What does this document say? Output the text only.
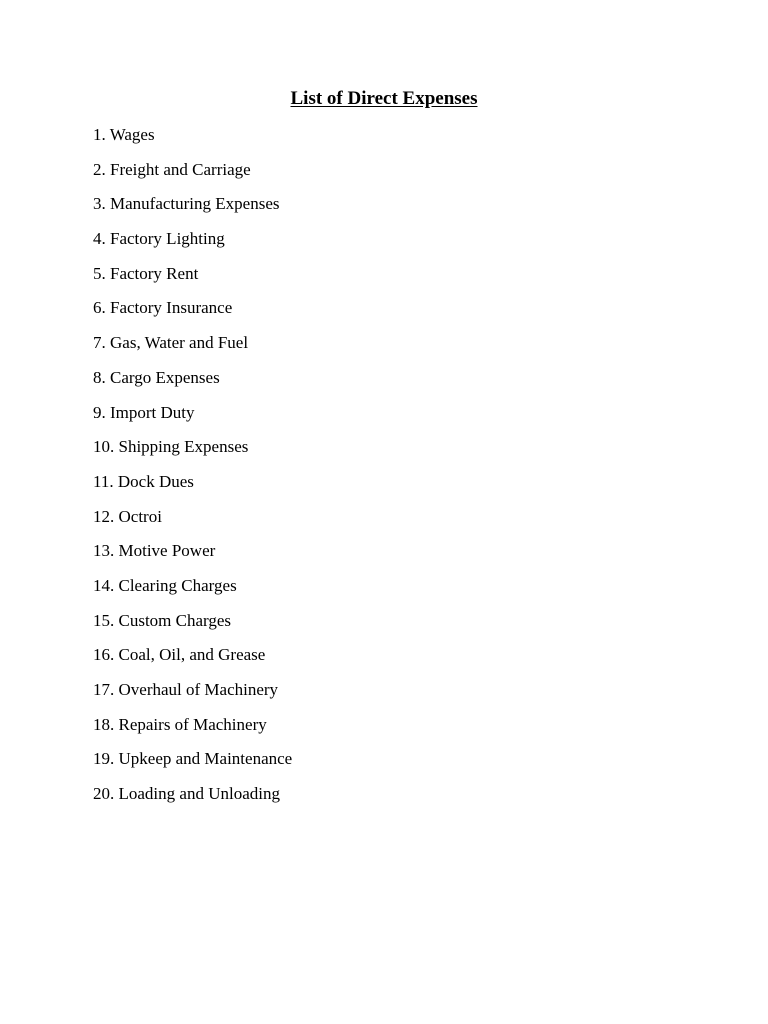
List of Direct Expenses
1. Wages
2. Freight and Carriage
3. Manufacturing Expenses
4. Factory Lighting
5. Factory Rent
6. Factory Insurance
7. Gas, Water and Fuel
8. Cargo Expenses
9. Import Duty
10. Shipping Expenses
11. Dock Dues
12. Octroi
13. Motive Power
14. Clearing Charges
15. Custom Charges
16. Coal, Oil, and Grease
17. Overhaul of Machinery
18. Repairs of Machinery
19. Upkeep and Maintenance
20. Loading and Unloading
